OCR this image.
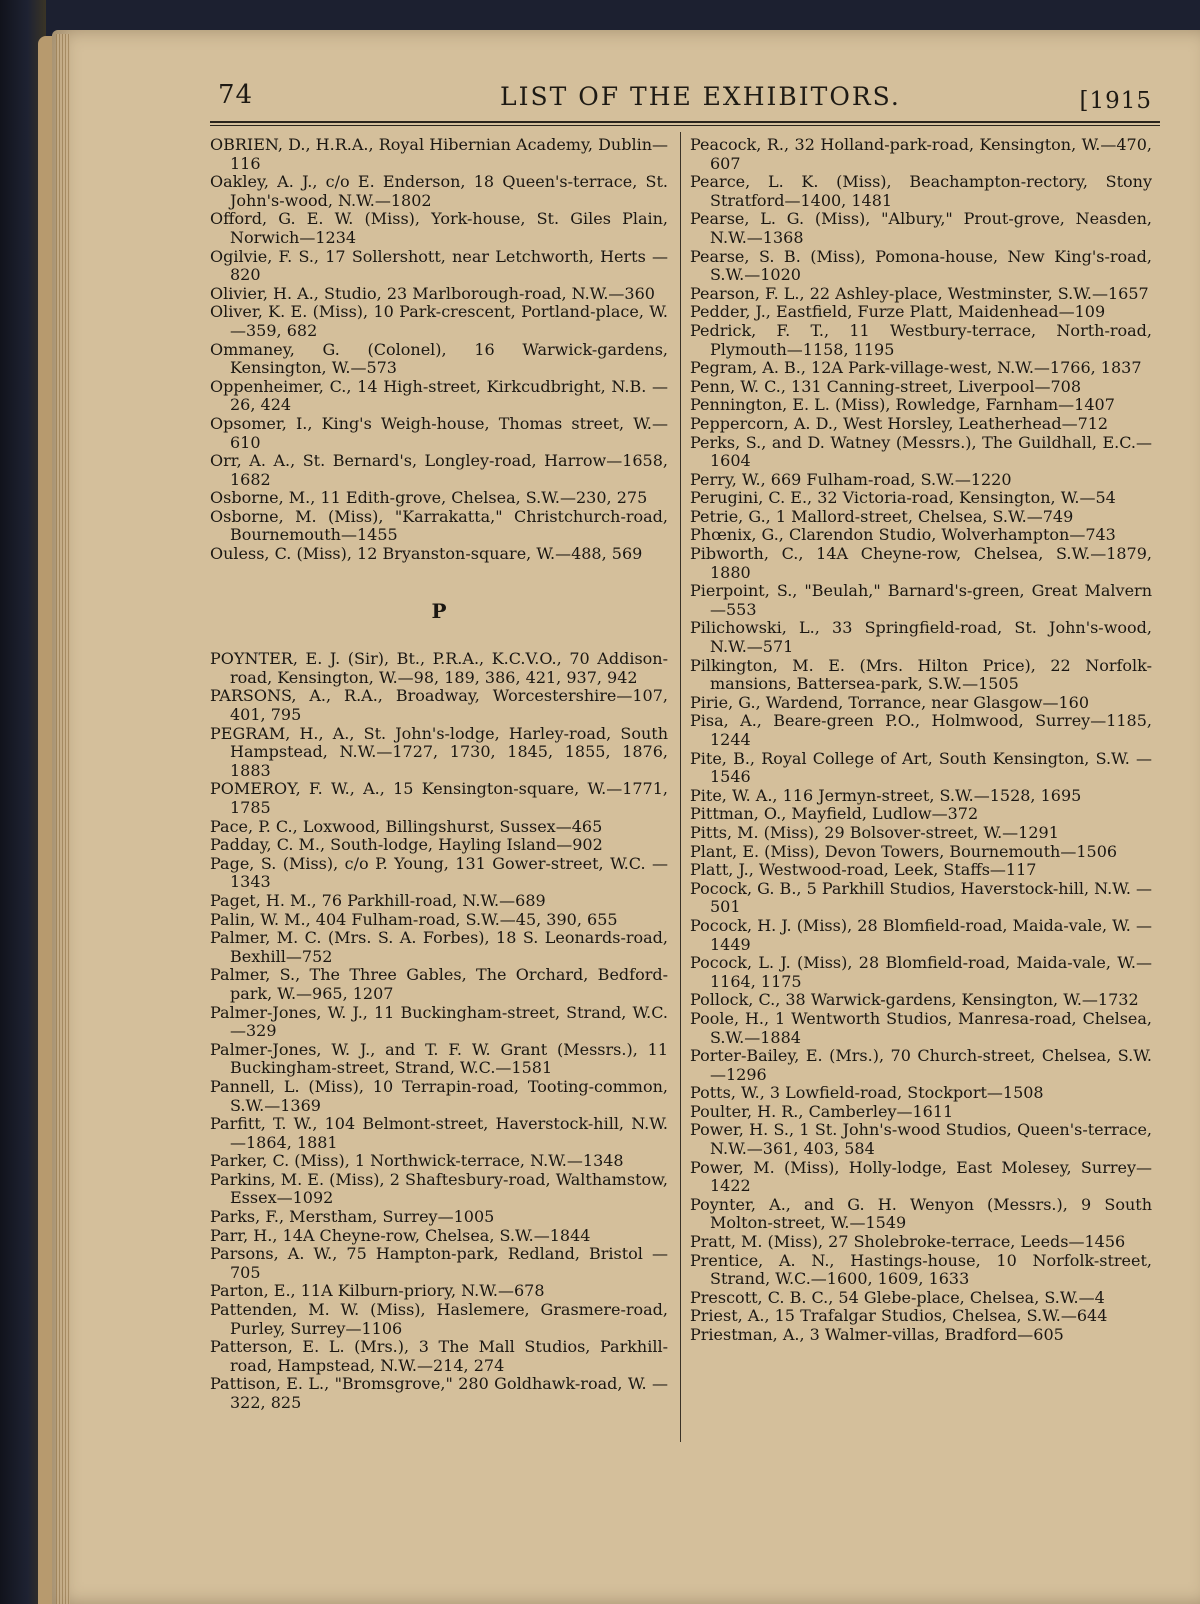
74	LIST OF THE EXHIBITORS.	[1915

OBRIEN, D., H.R.A., Royal Hibernian Academy, Dublin—116

Oakley, A. J., c/o E. Enderson, 18 Queen's-terrace, St. John's-wood, N.W.—1802

Offord, G. E. W. (Miss), York-house, St. Giles Plain, Norwich—1234

Ogilvie, F. S., 17 Sollershott, near Letchworth, Herts —820

Olivier, H. A., Studio, 23 Marlborough-road, N.W.—360

Oliver, K. E. (Miss), 10 Park-crescent, Portland-place, W.—359, 682

Ommaney, G. (Colonel), 16 Warwick-gardens, Kensington, W.—573

Oppenheimer, C., 14 High-street, Kirkcudbright, N.B. —26, 424

Opsomer, I., King's Weigh-house, Thomas street, W.—610

Orr, A. A., St. Bernard's, Longley-road, Harrow—1658, 1682

Osborne, M., 11 Edith-grove, Chelsea, S.W.—230, 275

Osborne, M. (Miss), "Karrakatta," Christchurch-road, Bournemouth—1455

Ouless, C. (Miss), 12 Bryanston-square, W.—488, 569

P

POYNTER, E. J. (Sir), Bt., P.R.A., K.C.V.O., 70 Addison-road, Kensington, W.—98, 189, 386, 421, 937, 942

PARSONS, A., R.A., Broadway, Worcestershire—107, 401, 795

PEGRAM, H., A., St. John's-lodge, Harley-road, South Hampstead, N.W.—1727, 1730, 1845, 1855, 1876, 1883

POMEROY, F. W., A., 15 Kensington-square, W.—1771, 1785

Pace, P. C., Loxwood, Billingshurst, Sussex—465

Padday, C. M., South-lodge, Hayling Island—902

Page, S. (Miss), c/o P. Young, 131 Gower-street, W.C. —1343

Paget, H. M., 76 Parkhill-road, N.W.—689

Palin, W. M., 404 Fulham-road, S.W.—45, 390, 655

Palmer, M. C. (Mrs. S. A. Forbes), 18 S. Leonards-road, Bexhill—752

Palmer, S., The Three Gables, The Orchard, Bedford-park, W.—965, 1207

Palmer-Jones, W. J., 11 Buckingham-street, Strand, W.C.—329

Palmer-Jones, W. J., and T. F. W. Grant (Messrs.), 11 Buckingham-street, Strand, W.C.—1581

Pannell, L. (Miss), 10 Terrapin-road, Tooting-common, S.W.—1369

Parfitt, T. W., 104 Belmont-street, Haverstock-hill, N.W.—1864, 1881

Parker, C. (Miss), 1 Northwick-terrace, N.W.—1348

Parkins, M. E. (Miss), 2 Shaftesbury-road, Walthamstow, Essex—1092

Parks, F., Merstham, Surrey—1005

Parr, H., 14A Cheyne-row, Chelsea, S.W.—1844

Parsons, A. W., 75 Hampton-park, Redland, Bristol —705

Parton, E., 11A Kilburn-priory, N.W.—678

Pattenden, M. W. (Miss), Haslemere, Grasmere-road, Purley, Surrey—1106

Patterson, E. L. (Mrs.), 3 The Mall Studios, Parkhill-road, Hampstead, N.W.—214, 274

Pattison, E. L., "Bromsgrove," 280 Goldhawk-road, W. —322, 825

Peacock, R., 32 Holland-park-road, Kensington, W.—470, 607

Pearce, L. K. (Miss), Beachampton-rectory, Stony Stratford—1400, 1481

Pearse, L. G. (Miss), "Albury," Prout-grove, Neasden, N.W.—1368

Pearse, S. B. (Miss), Pomona-house, New King's-road, S.W.—1020

Pearson, F. L., 22 Ashley-place, Westminster, S.W.—1657

Pedder, J., Eastfield, Furze Platt, Maidenhead—109

Pedrick, F. T., 11 Westbury-terrace, North-road, Plymouth—1158, 1195

Pegram, A. B., 12A Park-village-west, N.W.—1766, 1837

Penn, W. C., 131 Canning-street, Liverpool—708

Pennington, E. L. (Miss), Rowledge, Farnham—1407

Peppercorn, A. D., West Horsley, Leatherhead—712

Perks, S., and D. Watney (Messrs.), The Guildhall, E.C.—1604

Perry, W., 669 Fulham-road, S.W.—1220

Perugini, C. E., 32 Victoria-road, Kensington, W.—54

Petrie, G., 1 Mallord-street, Chelsea, S.W.—749

Phœnix, G., Clarendon Studio, Wolverhampton—743

Pibworth, C., 14A Cheyne-row, Chelsea, S.W.—1879, 1880

Pierpoint, S., "Beulah," Barnard's-green, Great Malvern—553

Pilichowski, L., 33 Springfield-road, St. John's-wood, N.W.—571

Pilkington, M. E. (Mrs. Hilton Price), 22 Norfolk-mansions, Battersea-park, S.W.—1505

Pirie, G., Wardend, Torrance, near Glasgow—160

Pisa, A., Beare-green P.O., Holmwood, Surrey—1185, 1244

Pite, B., Royal College of Art, South Kensington, S.W. —1546

Pite, W. A., 116 Jermyn-street, S.W.—1528, 1695

Pittman, O., Mayfield, Ludlow—372

Pitts, M. (Miss), 29 Bolsover-street, W.—1291

Plant, E. (Miss), Devon Towers, Bournemouth—1506

Platt, J., Westwood-road, Leek, Staffs—117

Pocock, G. B., 5 Parkhill Studios, Haverstock-hill, N.W. —501

Pocock, H. J. (Miss), 28 Blomfield-road, Maida-vale, W. —1449

Pocock, L. J. (Miss), 28 Blomfield-road, Maida-vale, W.—1164, 1175

Pollock, C., 38 Warwick-gardens, Kensington, W.—1732

Poole, H., 1 Wentworth Studios, Manresa-road, Chelsea, S.W.—1884

Porter-Bailey, E. (Mrs.), 70 Church-street, Chelsea, S.W.—1296

Potts, W., 3 Lowfield-road, Stockport—1508

Poulter, H. R., Camberley—1611

Power, H. S., 1 St. John's-wood Studios, Queen's-terrace, N.W.—361, 403, 584

Power, M. (Miss), Holly-lodge, East Molesey, Surrey—1422

Poynter, A., and G. H. Wenyon (Messrs.), 9 South Molton-street, W.—1549

Pratt, M. (Miss), 27 Sholebroke-terrace, Leeds—1456

Prentice, A. N., Hastings-house, 10 Norfolk-street, Strand, W.C.—1600, 1609, 1633

Prescott, C. B. C., 54 Glebe-place, Chelsea, S.W.—4

Priest, A., 15 Trafalgar Studios, Chelsea, S.W.—644

Priestman, A., 3 Walmer-villas, Bradford—605
